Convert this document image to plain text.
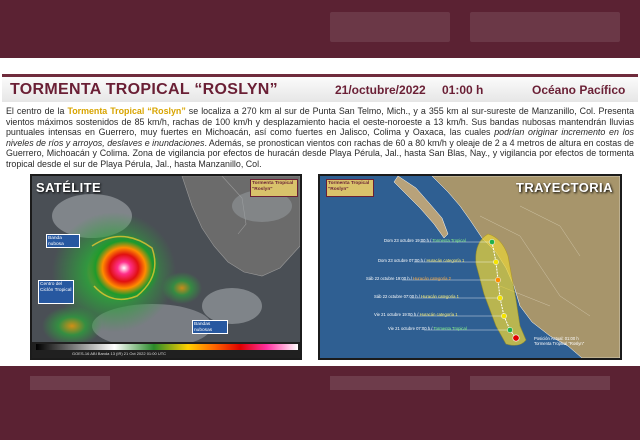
TORMENTA TROPICAL “ROSLYN”	21/octubre/2022 01:00 h	Océano Pacífico

El centro de la Tormenta Tropical “Roslyn” se localiza a 270 km al sur de Punta San Telmo, Mich., y a 355 km al sur-sureste de Manzanillo, Col. Presenta vientos máximos sostenidos de 85 km/h, rachas de 100 km/h y desplazamiento hacia el oeste-noroeste a 13 km/h. Sus bandas nubosas mantendrán lluvias puntuales intensas en Guerrero, muy fuertes en Michoacán, así como fuertes en Jalisco, Colima y Oaxaca, las cuales podrían originar incremento en los niveles de ríos y arroyos, deslaves e inundaciones. Además, se pronostican vientos con rachas de 60 a 80 km/h y oleaje de 2 a 4 metros de altura en costas de Guerrero, Michoacán y Colima. Zona de vigilancia por efectos de huracán desde Playa Pérula, Jal., hasta San Blas, Nay., y vigilancia por efectos de tormenta tropical desde el sur de Playa Pérula, Jal., hasta Manzanillo, Col.

SATÉLITE	Tormenta Tropical "Roslyn"
Banda nubosa
Centro del Ciclón Tropical
Bandas nubosas
GOES-16 ABI Banda 13 (IR) 21 Oct 2022 01:00 UTC
TRAYECTORIA
Tormenta Tropical "Roslyn"
Dom 23 octubre 19:00 h / Tormenta Tropical
Dom 23 octubre 07:00 h / Huracán categoría 1
Sáb 22 octubre 19:00 h / Huracán categoría 2
Sáb 22 octubre 07:00 h / Huracán categoría 1
Vie 21 octubre 19:00 h / Huracán categoría 1
Vie 21 octubre 07:00 h / Tormenta Tropical
Posición Actual: 01:00 h
Tormenta Tropical "Roslyn"
